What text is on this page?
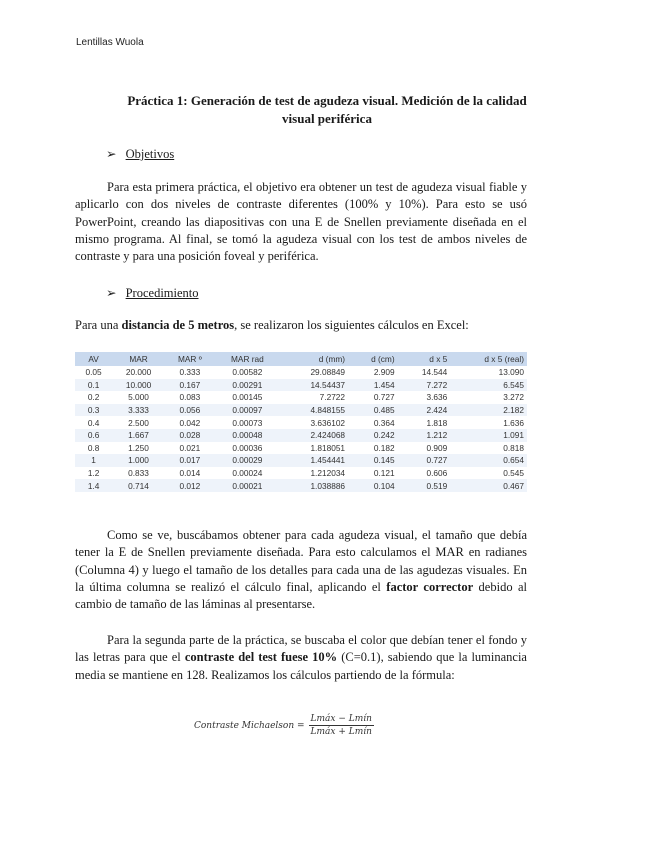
Lentillas Wuola
Práctica 1: Generación de test de agudeza visual. Medición de la calidad
visual periférica
➢ Objetivos

Para esta primera práctica, el objetivo era obtener un test de agudeza visual fiable y aplicarlo con dos niveles de contraste diferentes (100% y 10%). Para esto se usó PowerPoint, creando las diapositivas con una E de Snellen previamente diseñada en el mismo programa. Al final, se tomó la agudeza visual con los test de ambos niveles de contraste y para una posición foveal y periférica.

➢ Procedimiento
Para una distancia de 5 metros, se realizaron los siguientes cálculos en Excel:
AV	MAR	MAR º	MAR rad	d (mm)	d (cm)	d x 5	d x 5 (real)
0.05	20.000	0.333	0.00582	29.08849	2.909	14.544	13.090
0.1	10.000	0.167	0.00291	14.54437	1.454	7.272	6.545
0.2	5.000	0.083	0.00145	7.2722	0.727	3.636	3.272
0.3	3.333	0.056	0.00097	4.848155	0.485	2.424	2.182
0.4	2.500	0.042	0.00073	3.636102	0.364	1.818	1.636
0.6	1.667	0.028	0.00048	2.424068	0.242	1.212	1.091
0.8	1.250	0.021	0.00036	1.818051	0.182	0.909	0.818
1	1.000	0.017	0.00029	1.454441	0.145	0.727	0.654
1.2	0.833	0.014	0.00024	1.212034	0.121	0.606	0.545
1.4	0.714	0.012	0.00021	1.038886	0.104	0.519	0.467

Como se ve, buscábamos obtener para cada agudeza visual, el tamaño que debía tener la E de Snellen previamente diseñada. Para esto calculamos el MAR en radianes (Columna 4) y luego el tamaño de los detalles para cada una de las agudezas visuales. En la última columna se realizó el cálculo final, aplicando el factor corrector debido al cambio de tamaño de las láminas al presentarse.

Para la segunda parte de la práctica, se buscaba el color que debían tener el fondo y las letras para que el contraste del test fuese 10% (C=0.1), sabiendo que la luminancia media se mantiene en 128. Realizamos los cálculos partiendo de la fórmula:

Contraste Michaelson = $\frac{\text{Lmáx − Lmín}}{\text{Lmáx + Lmín}}$
